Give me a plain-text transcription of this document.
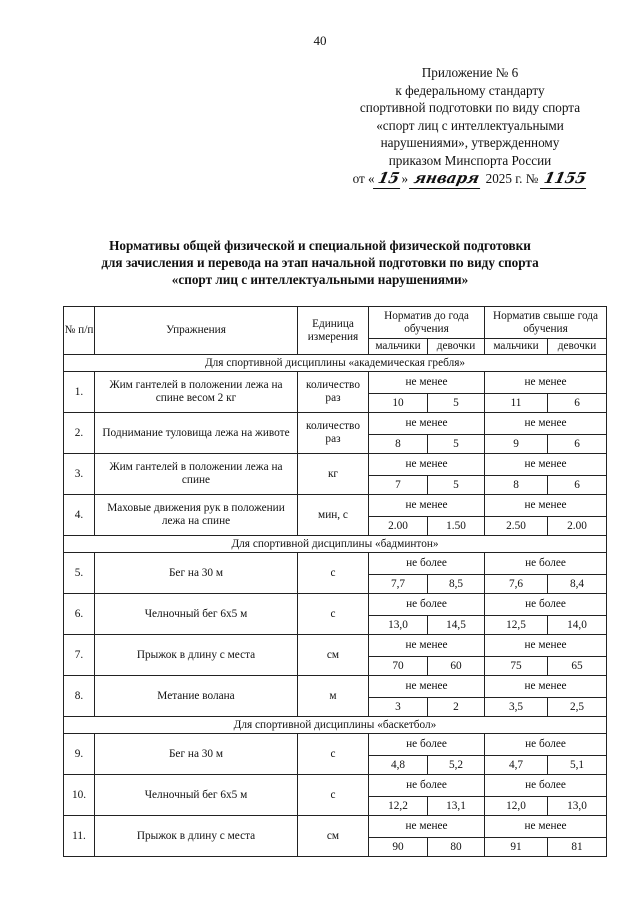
40
Приложение № 6
к федеральному стандарту
спортивной подготовки по виду спорта
«спорт лиц с интеллектуальными
нарушениями», утвержденному
приказом Минспорта России
от «15» января 2025 г. № 1155
Нормативы общей физической и специальной физической подготовки
для зачисления и перевода на этап начальной подготовки по виду спорта
«спорт лиц с интеллектуальными нарушениями»
№ п/п	Упражнения	Единица измерения	Норматив до года обучения		Норматив свыше года обучения	
			мальчики	девочки	мальчики	девочки
Для спортивной дисциплины «академическая гребля»						
1.	Жим гантелей в положении лежа на спине весом 2 кг	количество раз	не менее		не менее	
			10	5	11	6
2.	Поднимание туловища лежа на животе	количество раз	не менее		не менее	
			8	5	9	6
3.	Жим гантелей в положении лежа на спине	кг	не менее		не менее	
			7	5	8	6
4.	Маховые движения рук в положении лежа на спине	мин, с	не менее		не менее	
			2.00	1.50	2.50	2.00
Для спортивной дисциплины «бадминтон»						
5.	Бег на 30 м	с	не более		не более	
			7,7	8,5	7,6	8,4
6.	Челночный бег 6х5 м	с	не более		не более	
			13,0	14,5	12,5	14,0
7.	Прыжок в длину с места	см	не менее		не менее	
			70	60	75	65
8.	Метание волана	м	не менее		не менее	
			3	2	3,5	2,5
Для спортивной дисциплины «баскетбол»						
9.	Бег на 30 м	с	не более		не более	
			4,8	5,2	4,7	5,1
10.	Челночный бег 6х5 м	с	не более		не более	
			12,2	13,1	12,0	13,0
11.	Прыжок в длину с места	см	не менее		не менее	
			90	80	91	81
